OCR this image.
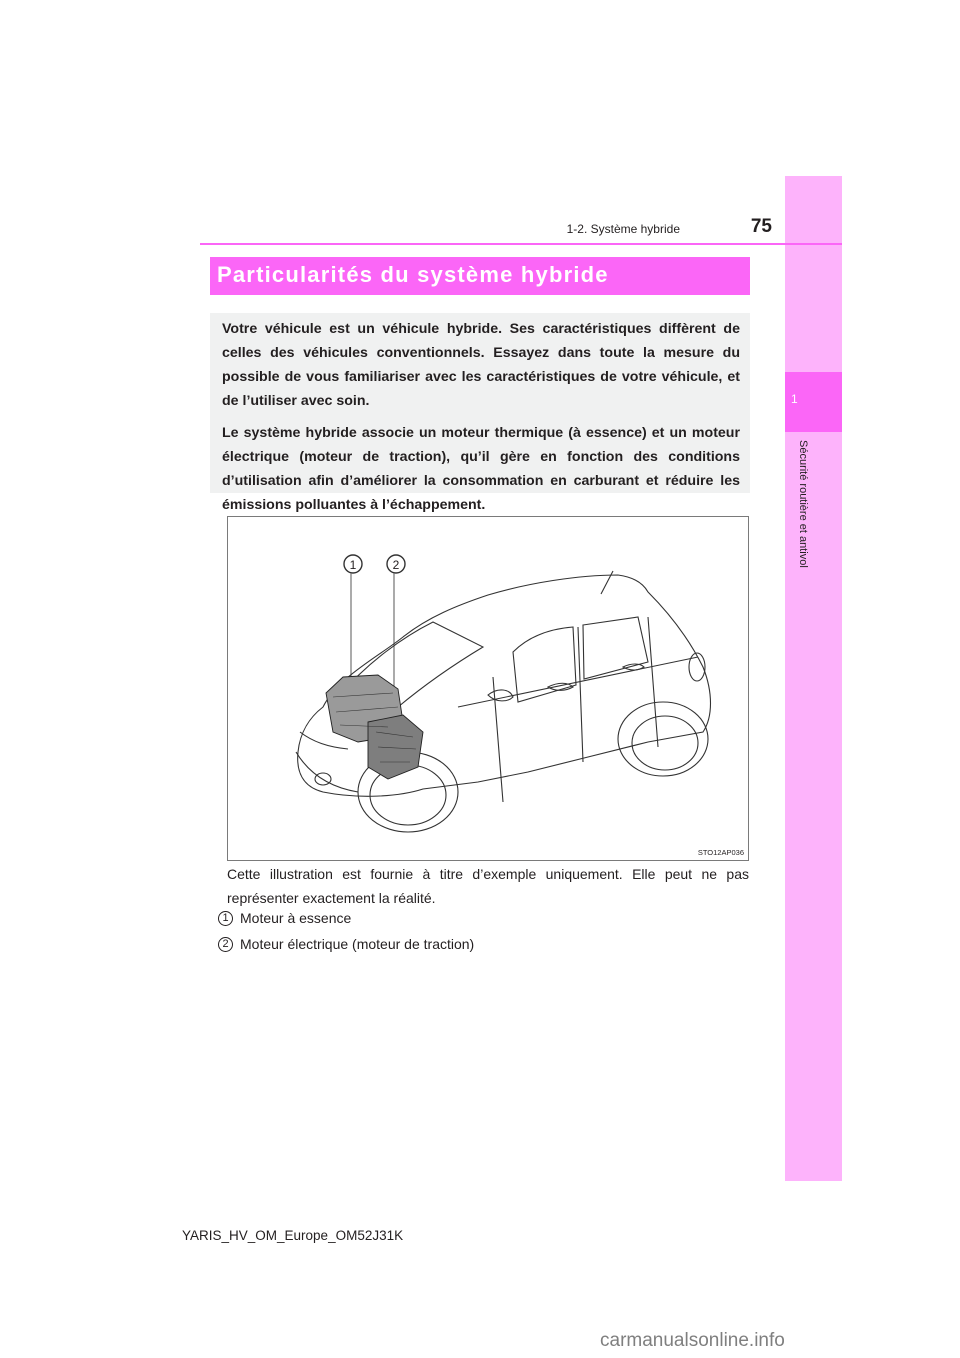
1
Sécurité routière et antivol
1-2. Système hybride	75
Particularités du système hybride

Votre véhicule est un véhicule hybride. Ses caractéristiques diffèrent de celles des véhicules conventionnels. Essayez dans toute la mesure du possible de vous familiariser avec les caractéristiques de votre véhicule, et de l’utiliser avec soin.

Le système hybride associe un moteur thermique (à essence) et un moteur électrique (moteur de traction), qu’il gère en fonction des conditions d’utilisation afin d’améliorer la consommation en carburant et réduire les émissions polluantes à l’échappement.

1	2
STO12AP036
Cette illustration est fournie à titre d’exemple uniquement. Elle peut ne pas représenter exactement la réalité.
1 Moteur à essence
2 Moteur électrique (moteur de traction)
YARIS_HV_OM_Europe_OM52J31K
carmanualsonline.info
